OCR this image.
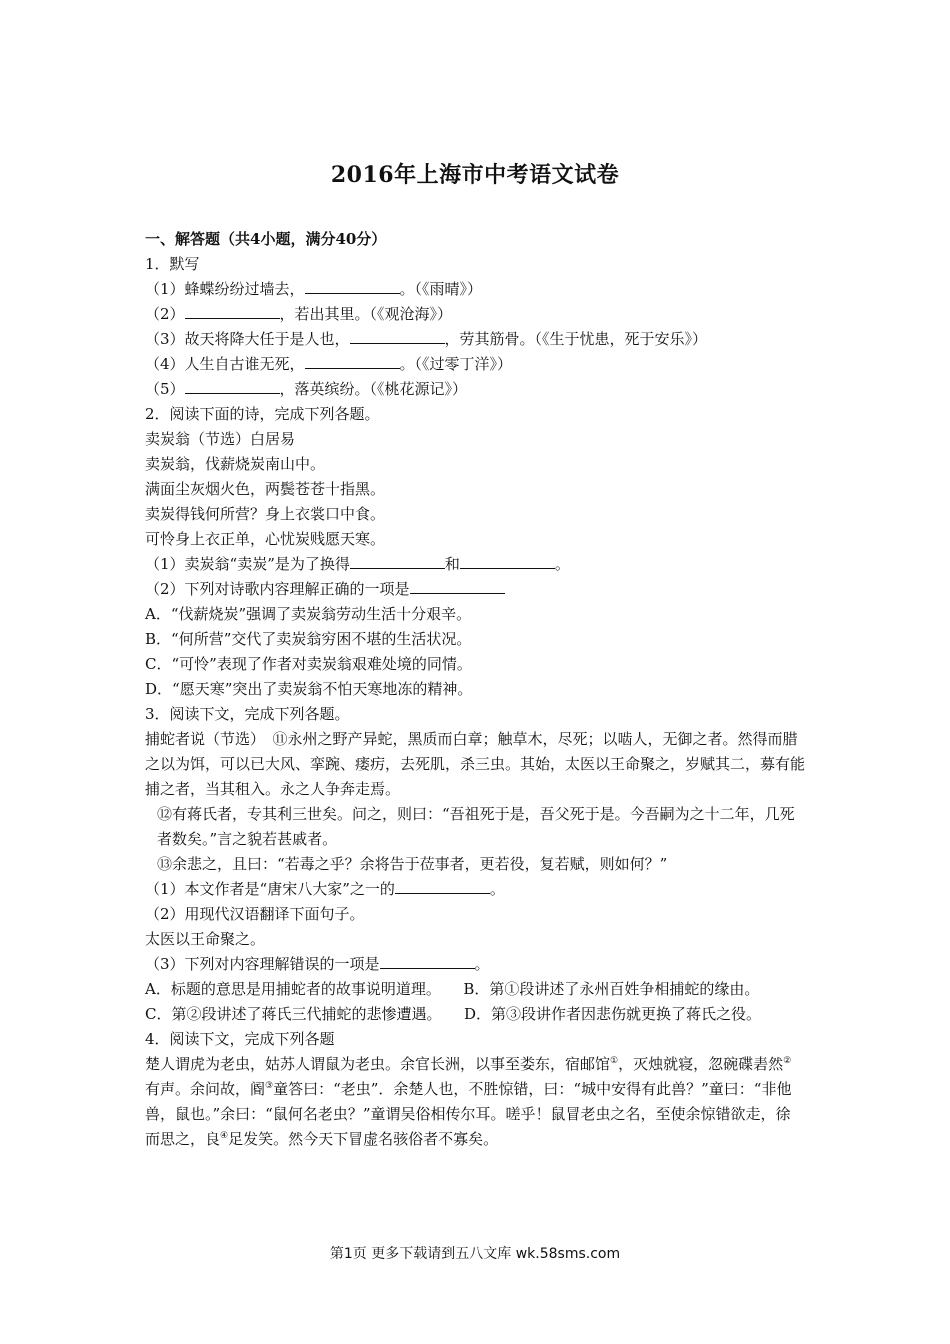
2016年上海市中考语文试卷
一、解答题（共4小题，满分40分）
1．默写
（1）蜂蝶纷纷过墙去，	。（《雨晴》）
（2）	，若出其里。（《观沧海》）
（3）故天将降大任于是人也，	，劳其筋骨。（《生于忧患，死于安乐》）
（4）人生自古谁无死，	。（《过零丁洋》）
（5）	，落英缤纷。（《桃花源记》）
2．阅读下面的诗，完成下列各题。
卖炭翁（节选）白居易
卖炭翁，伐薪烧炭南山中。
满面尘灰烟火色，两鬓苍苍十指黑。
卖炭得钱何所营？身上衣裳口中食。
可怜身上衣正单，心忧炭贱愿天寒。
（1）卖炭翁“卖炭”是为了换得	和	。
（2）下列对诗歌内容理解正确的一项是
A．“伐薪烧炭”强调了卖炭翁劳动生活十分艰辛。
B．“何所营”交代了卖炭翁穷困不堪的生活状况。
C．“可怜”表现了作者对卖炭翁艰难处境的同情。
D．“愿天寒”突出了卖炭翁不怕天寒地冻的精神。
3．阅读下文，完成下列各题。
捕蛇者说（节选）　⑪永州之野产异蛇，黑质而白章；触草木，尽死；以啮人，无御之者。然得而腊之以为饵，可以已大风、挛踠、瘘疠，去死肌，杀三虫。其始，太医以王命聚之，岁赋其二，募有能捕之者，当其租入。永之人争奔走焉。
⑫有蒋氏者，专其利三世矣。问之，则曰：“吾祖死于是，吾父死于是。今吾嗣为之十二年，几死者数矣。”言之貌若甚戚者。
⑬余悲之，且曰：“若毒之乎？余将告于莅事者，更若役，复若赋，则如何？”
（1）本文作者是“唐宋八大家”之一的	。
（2）用现代汉语翻译下面句子。
太医以王命聚之。
（3）下列对内容理解错误的一项是	。
A．标题的意思是用捕蛇者的故事说明道理。　　 B．第①段讲述了永州百姓争相捕蛇的缘由。
C．第②段讲述了蒋氏三代捕蛇的悲惨遭遇。　　 D．第③段讲作者因悲伤就更换了蒋氏之役。
4．阅读下文，完成下列各题
楚人谓虎为老虫，姑苏人谓鼠为老虫。余官长洲，以事至娄东，宿邮馆①，灭烛就寝，忽碗碟砉然②有声。余问故，阍③童答曰：“老虫”．余楚人也，不胜惊错，曰：“城中安得有此兽？”童曰：“非他兽，鼠也。”余曰：“鼠何名老虫？”童谓吴俗相传尔耳。嗟乎！鼠冒老虫之名，至使余惊错欲走，徐而思之，良④足发笑。然今天下冒虚名骇俗者不寡矣。
第1页 更多下载请到五八文库 wk.58sms.com
